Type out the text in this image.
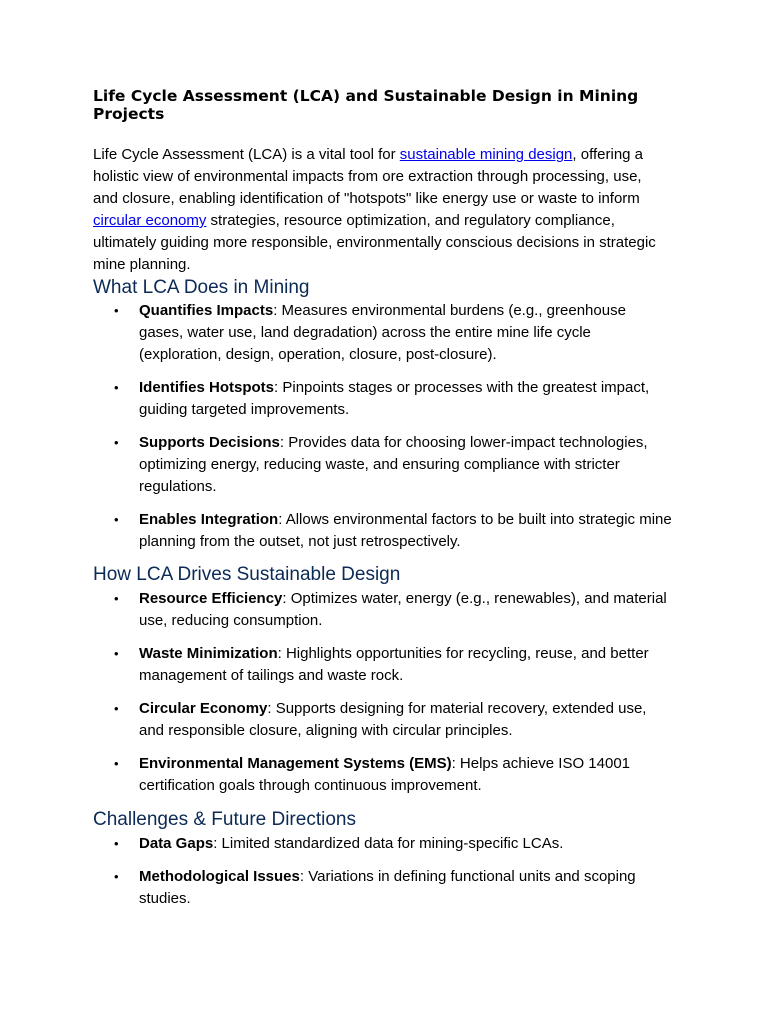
Life Cycle Assessment (LCA) and Sustainable Design in Mining Projects

Life Cycle Assessment (LCA) is a vital tool for sustainable mining design, offering a holistic view of environmental impacts from ore extraction through processing, use, and closure, enabling identification of "hotspots" like energy use or waste to inform circular economy strategies, resource optimization, and regulatory compliance, ultimately guiding more responsible, environmentally conscious decisions in strategic mine planning.

What LCA Does in Mining
• Quantifies Impacts: Measures environmental burdens (e.g., greenhouse gases, water use, land degradation) across the entire mine life cycle (exploration, design, operation, closure, post-closure).
• Identifies Hotspots: Pinpoints stages or processes with the greatest impact, guiding targeted improvements.
• Supports Decisions: Provides data for choosing lower-impact technologies, optimizing energy, reducing waste, and ensuring compliance with stricter regulations.
• Enables Integration: Allows environmental factors to be built into strategic mine planning from the outset, not just retrospectively.
How LCA Drives Sustainable Design
• Resource Efficiency: Optimizes water, energy (e.g., renewables), and material use, reducing consumption.
• Waste Minimization: Highlights opportunities for recycling, reuse, and better management of tailings and waste rock.
• Circular Economy: Supports designing for material recovery, extended use, and responsible closure, aligning with circular principles.
• Environmental Management Systems (EMS): Helps achieve ISO 14001 certification goals through continuous improvement.
Challenges & Future Directions
• Data Gaps: Limited standardized data for mining-specific LCAs.
• Methodological Issues: Variations in defining functional units and scoping studies.
